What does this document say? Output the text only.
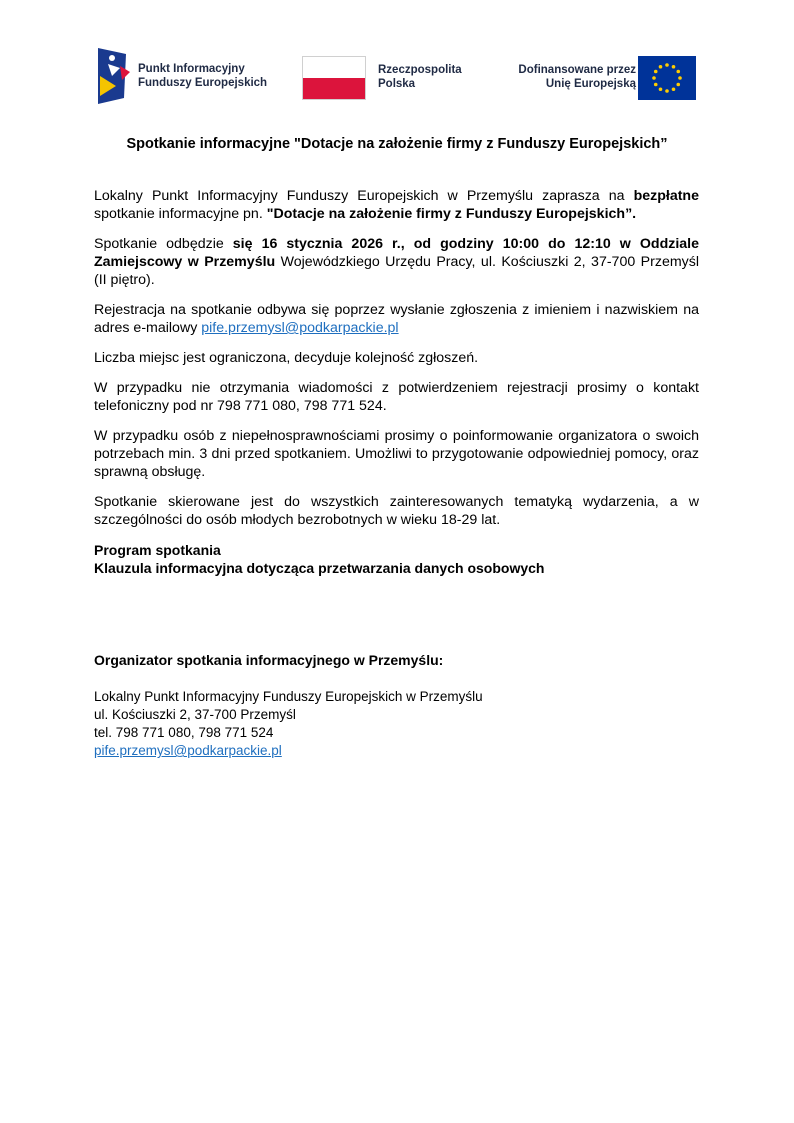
Punkt Informacyjny
Funduszy Europejskich
Rzeczpospolita
Polska
Dofinansowane przez
Unię Europejską
Spotkanie informacyjne "Dotacje na założenie firmy z Funduszy Europejskich”

Lokalny Punkt Informacyjny Funduszy Europejskich w Przemyślu zaprasza na bezpłatne spotkanie informacyjne pn. "Dotacje na założenie firmy z Funduszy Europejskich”.

Spotkanie odbędzie się 16 stycznia 2026 r., od godziny 10:00 do 12:10 w Oddziale Zamiejscowy w Przemyślu Wojewódzkiego Urzędu Pracy, ul. Kościuszki 2, 37-700 Przemyśl (II piętro).

Rejestracja na spotkanie odbywa się poprzez wysłanie zgłoszenia z imieniem i nazwiskiem na adres e-mailowy pife.przemysl@podkarpackie.pl

Liczba miejsc jest ograniczona, decyduje kolejność zgłoszeń.

W przypadku nie otrzymania wiadomości z potwierdzeniem rejestracji prosimy o kontakt telefoniczny pod nr 798 771 080, 798 771 524.

W przypadku osób z niepełnosprawnościami prosimy o poinformowanie organizatora o swoich potrzebach min. 3 dni przed spotkaniem. Umożliwi to przygotowanie odpowiedniej pomocy, oraz sprawną obsługę.

Spotkanie skierowane jest do wszystkich zainteresowanych tematyką wydarzenia, a w szczególności do osób młodych bezrobotnych w wieku 18-29 lat.

Program spotkania
Klauzula informacyjna dotycząca przetwarzania danych osobowych
Organizator spotkania informacyjnego w Przemyślu:
Lokalny Punkt Informacyjny Funduszy Europejskich w Przemyślu
ul. Kościuszki 2, 37-700 Przemyśl
tel. 798 771 080, 798 771 524
pife.przemysl@podkarpackie.pl
